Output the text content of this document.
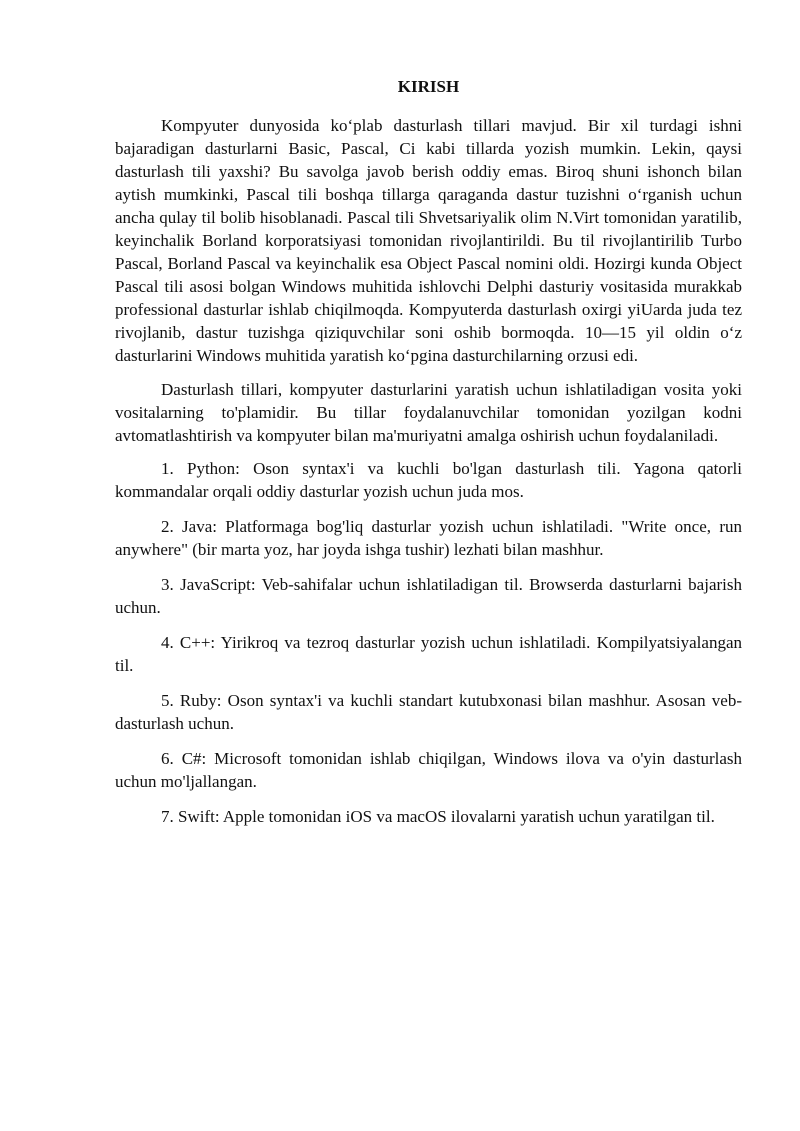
KIRISH

Kompyuter dunyosida ko‘plab dasturlash tillari mavjud. Bir xil turdagi ishni bajaradigan dasturlarni Basic, Pascal, Ci kabi tillarda yozish mumkin. Lekin, qaysi dasturlash tili yaxshi? Bu savolga javob berish oddiy emas. Biroq shuni ishonch bilan aytish mumkinki, Pascal tili boshqa tillarga qaraganda dastur tuzishni o‘rganish uchun ancha qulay til bolib hisoblanadi. Pascal tili Shvetsariyalik olim N.Virt tomonidan yaratilib, keyinchalik Borland korporatsiyasi tomonidan rivojlantirildi. Bu til rivojlantirilib Turbo Pascal, Borland Pascal va keyinchalik esa Object Pascal nomini oldi. Hozirgi kunda Object Pascal tili asosi bolgan Windows muhitida ishlovchi Delphi dasturiy vositasida murakkab professional dasturlar ishlab chiqilmoqda. Kompyuterda dasturlash oxirgi yiUarda juda tez rivojlanib, dastur tuzishga qiziquvchilar soni oshib bormoqda. 10—15 yil oldin o‘z dasturlarini Windows muhitida yaratish ko‘pgina dasturchilarning orzusi edi.

Dasturlash tillari, kompyuter dasturlarini yaratish uchun ishlatiladigan vosita yoki vositalarning to'plamidir. Bu tillar foydalanuvchilar tomonidan yozilgan kodni avtomatlashtirish va kompyuter bilan ma'muriyatni amalga oshirish uchun foydalaniladi.

1. Python: Oson syntax'i va kuchli bo'lgan dasturlash tili. Yagona qatorli kommandalar orqali oddiy dasturlar yozish uchun juda mos.

2. Java: Platformaga bog'liq dasturlar yozish uchun ishlatiladi. "Write once, run anywhere" (bir marta yoz, har joyda ishga tushir) lezhati bilan mashhur.

3. JavaScript: Veb-sahifalar uchun ishlatiladigan til. Browserda dasturlarni bajarish uchun.

4. C++: Yirikroq va tezroq dasturlar yozish uchun ishlatiladi. Kompilyatsiyalangan til.

5. Ruby: Oson syntax'i va kuchli standart kutubxonasi bilan mashhur. Asosan veb-dasturlash uchun.

6. C#: Microsoft tomonidan ishlab chiqilgan, Windows ilova va o'yin dasturlash uchun mo'ljallangan.

7. Swift: Apple tomonidan iOS va macOS ilovalarni yaratish uchun yaratilgan til.
